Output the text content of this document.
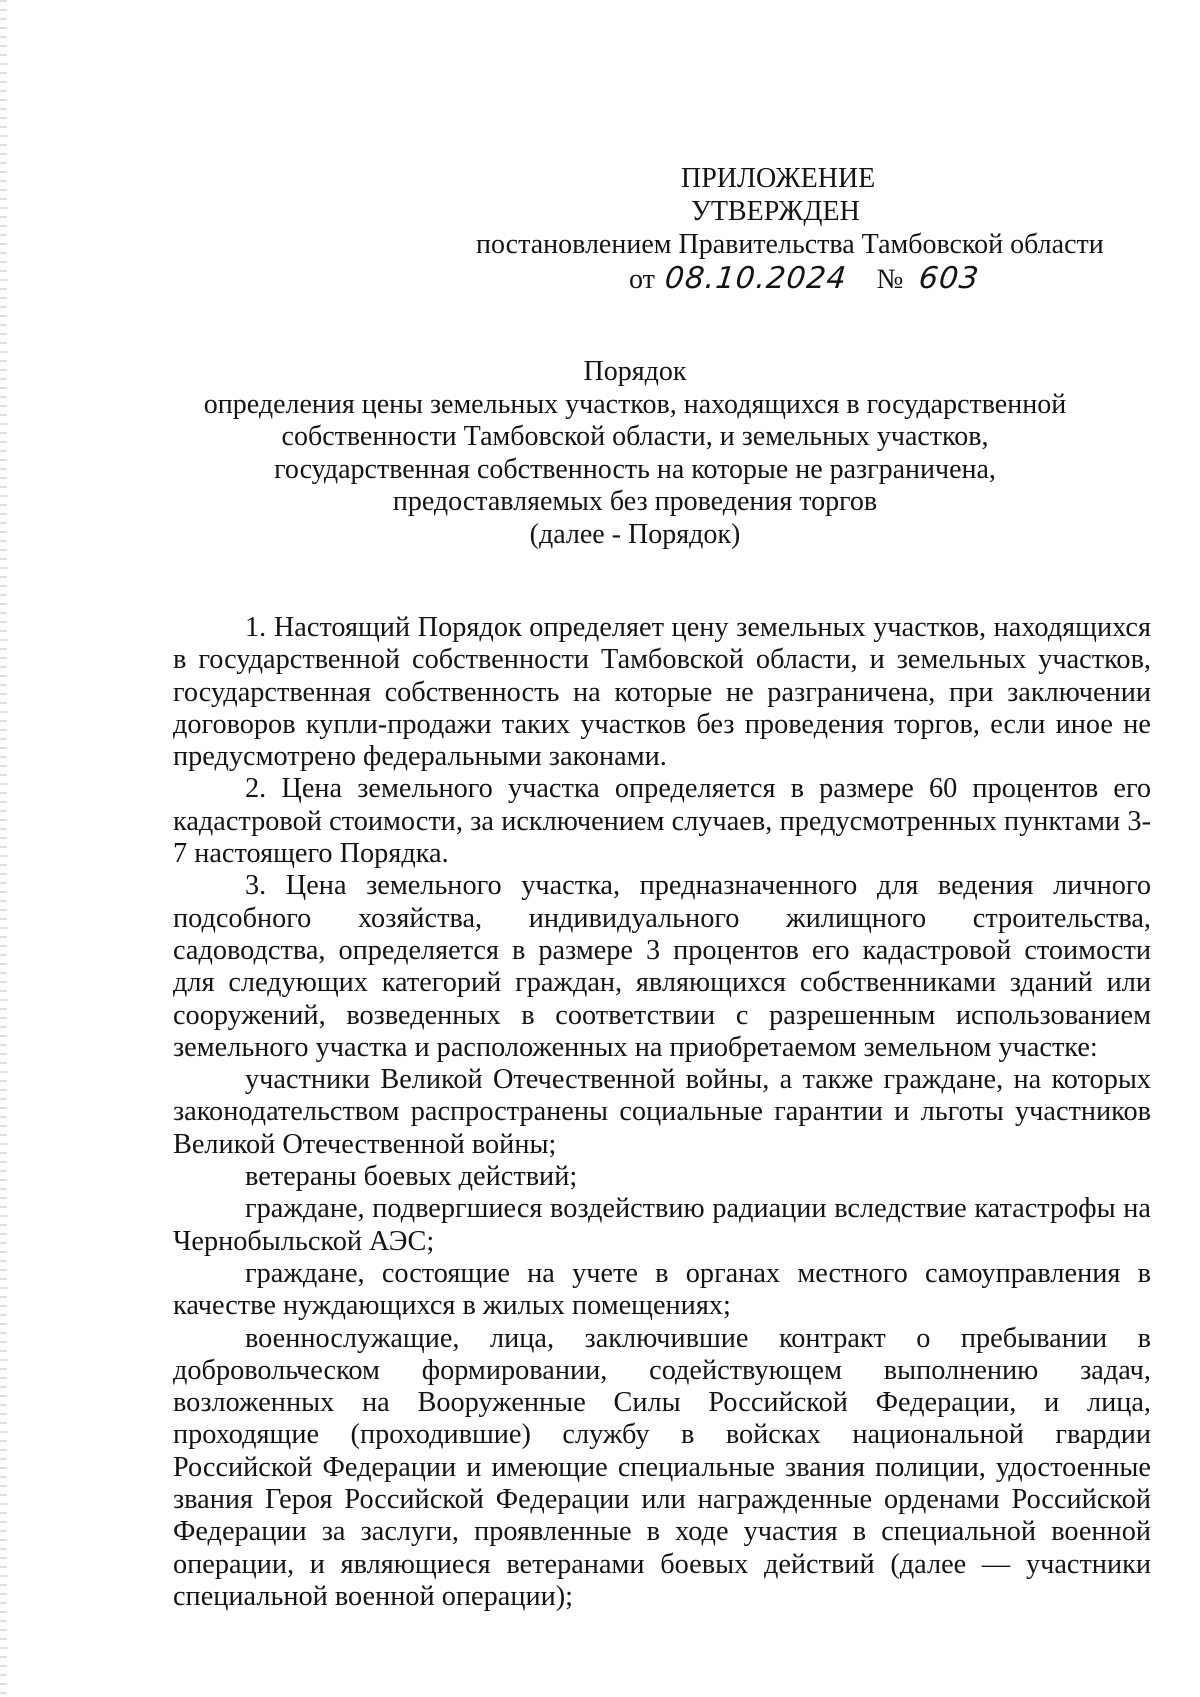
ПРИЛОЖЕНИЕ
УТВЕРЖДЕН
постановлением Правительства Тамбовской области
от 08.10.2024 № 603
Порядок
определения цены земельных участков, находящихся в государственной
собственности Тамбовской области, и земельных участков,
государственная собственность на которые не разграничена,
предоставляемых без проведения торгов
(далее - Порядок)

1. Настоящий Порядок определяет цену земельных участков, находящихся в государственной собственности Тамбовской области, и земельных участков, государственная собственность на которые не разграничена, при заключении договоров купли-продажи таких участков без проведения торгов, если иное не предусмотрено федеральными законами.

2. Цена земельного участка определяется в размере 60 процентов его кадастровой стоимости, за исключением случаев, предусмотренных пунктами 3-7 настоящего Порядка.

3. Цена земельного участка, предназначенного для ведения личного подсобного хозяйства, индивидуального жилищного строительства, садоводства, определяется в размере 3 процентов его кадастровой стоимости для следующих категорий граждан, являющихся собственниками зданий или сооружений, возведенных в соответствии с разрешенным использованием земельного участка и расположенных на приобретаемом земельном участке:

участники Великой Отечественной войны, а также граждане, на которых законодательством распространены социальные гарантии и льготы участников Великой Отечественной войны;

ветераны боевых действий;

граждане, подвергшиеся воздействию радиации вследствие катастрофы на Чернобыльской АЭС;

граждане, состоящие на учете в органах местного самоуправления в качестве нуждающихся в жилых помещениях;

военнослужащие, лица, заключившие контракт о пребывании в добровольческом формировании, содействующем выполнению задач, возложенных на Вооруженные Силы Российской Федерации, и лица, проходящие (проходившие) службу в войсках национальной гвардии Российской Федерации и имеющие специальные звания полиции, удостоенные звания Героя Российской Федерации или награжденные орденами Российской Федерации за заслуги, проявленные в ходе участия в специальной военной операции, и являющиеся ветеранами боевых действий (далее — участники специальной военной операции);
